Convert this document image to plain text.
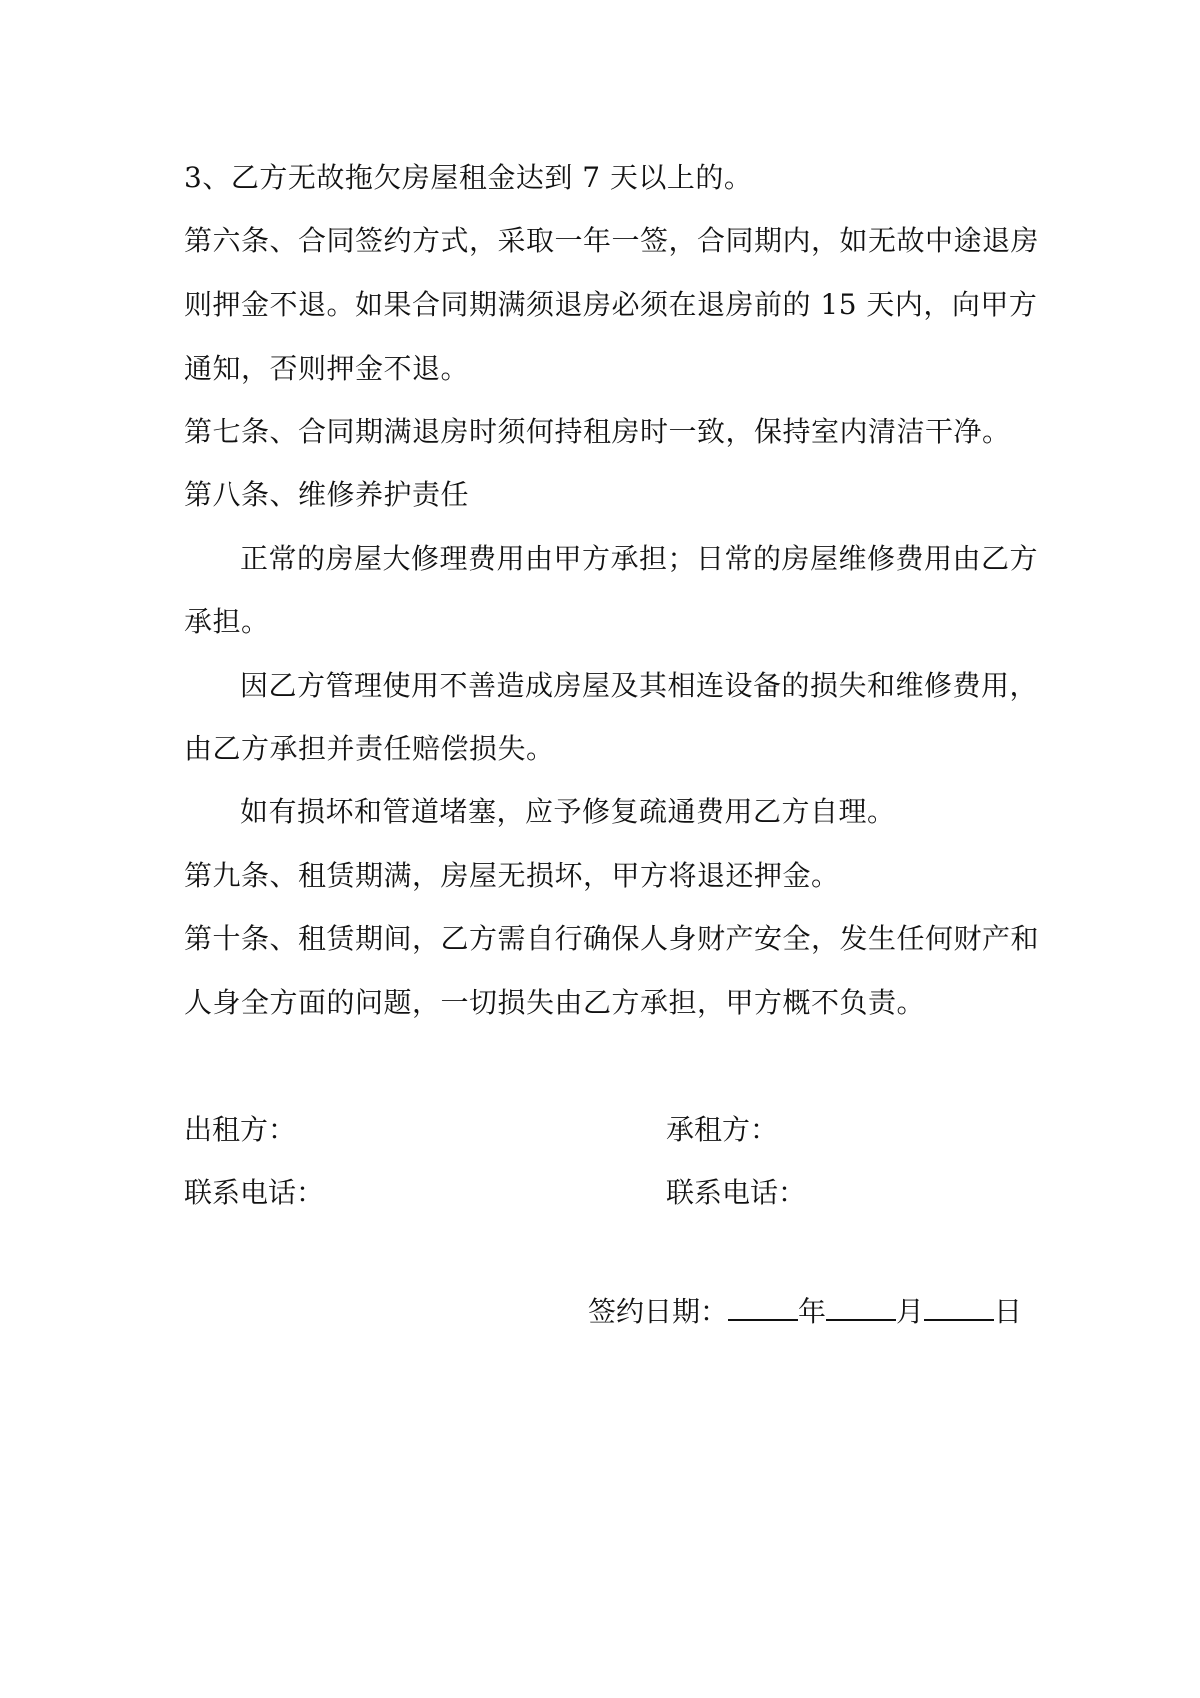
3、乙方无故拖欠房屋租金达到 7 天以上的。
第六条、合同签约方式，采取一年一签，合同期内，如无故中途退房
则押金不退。如果合同期满须退房必须在退房前的 15 天内，向甲方
通知，否则押金不退。
第七条、合同期满退房时须何持租房时一致，保持室内清洁干净。
第八条、维修养护责任
正常的房屋大修理费用由甲方承担；日常的房屋维修费用由乙方
承担。
因乙方管理使用不善造成房屋及其相连设备的损失和维修费用，
由乙方承担并责任赔偿损失。
如有损坏和管道堵塞，应予修复疏通费用乙方自理。
第九条、租赁期满，房屋无损坏，甲方将退还押金。
第十条、租赁期间，乙方需自行确保人身财产安全，发生任何财产和
人身全方面的问题，一切损失由乙方承担，甲方概不负责。
出租方：	承租方：
联系电话：	联系电话：
签约日期：	年	月	日
